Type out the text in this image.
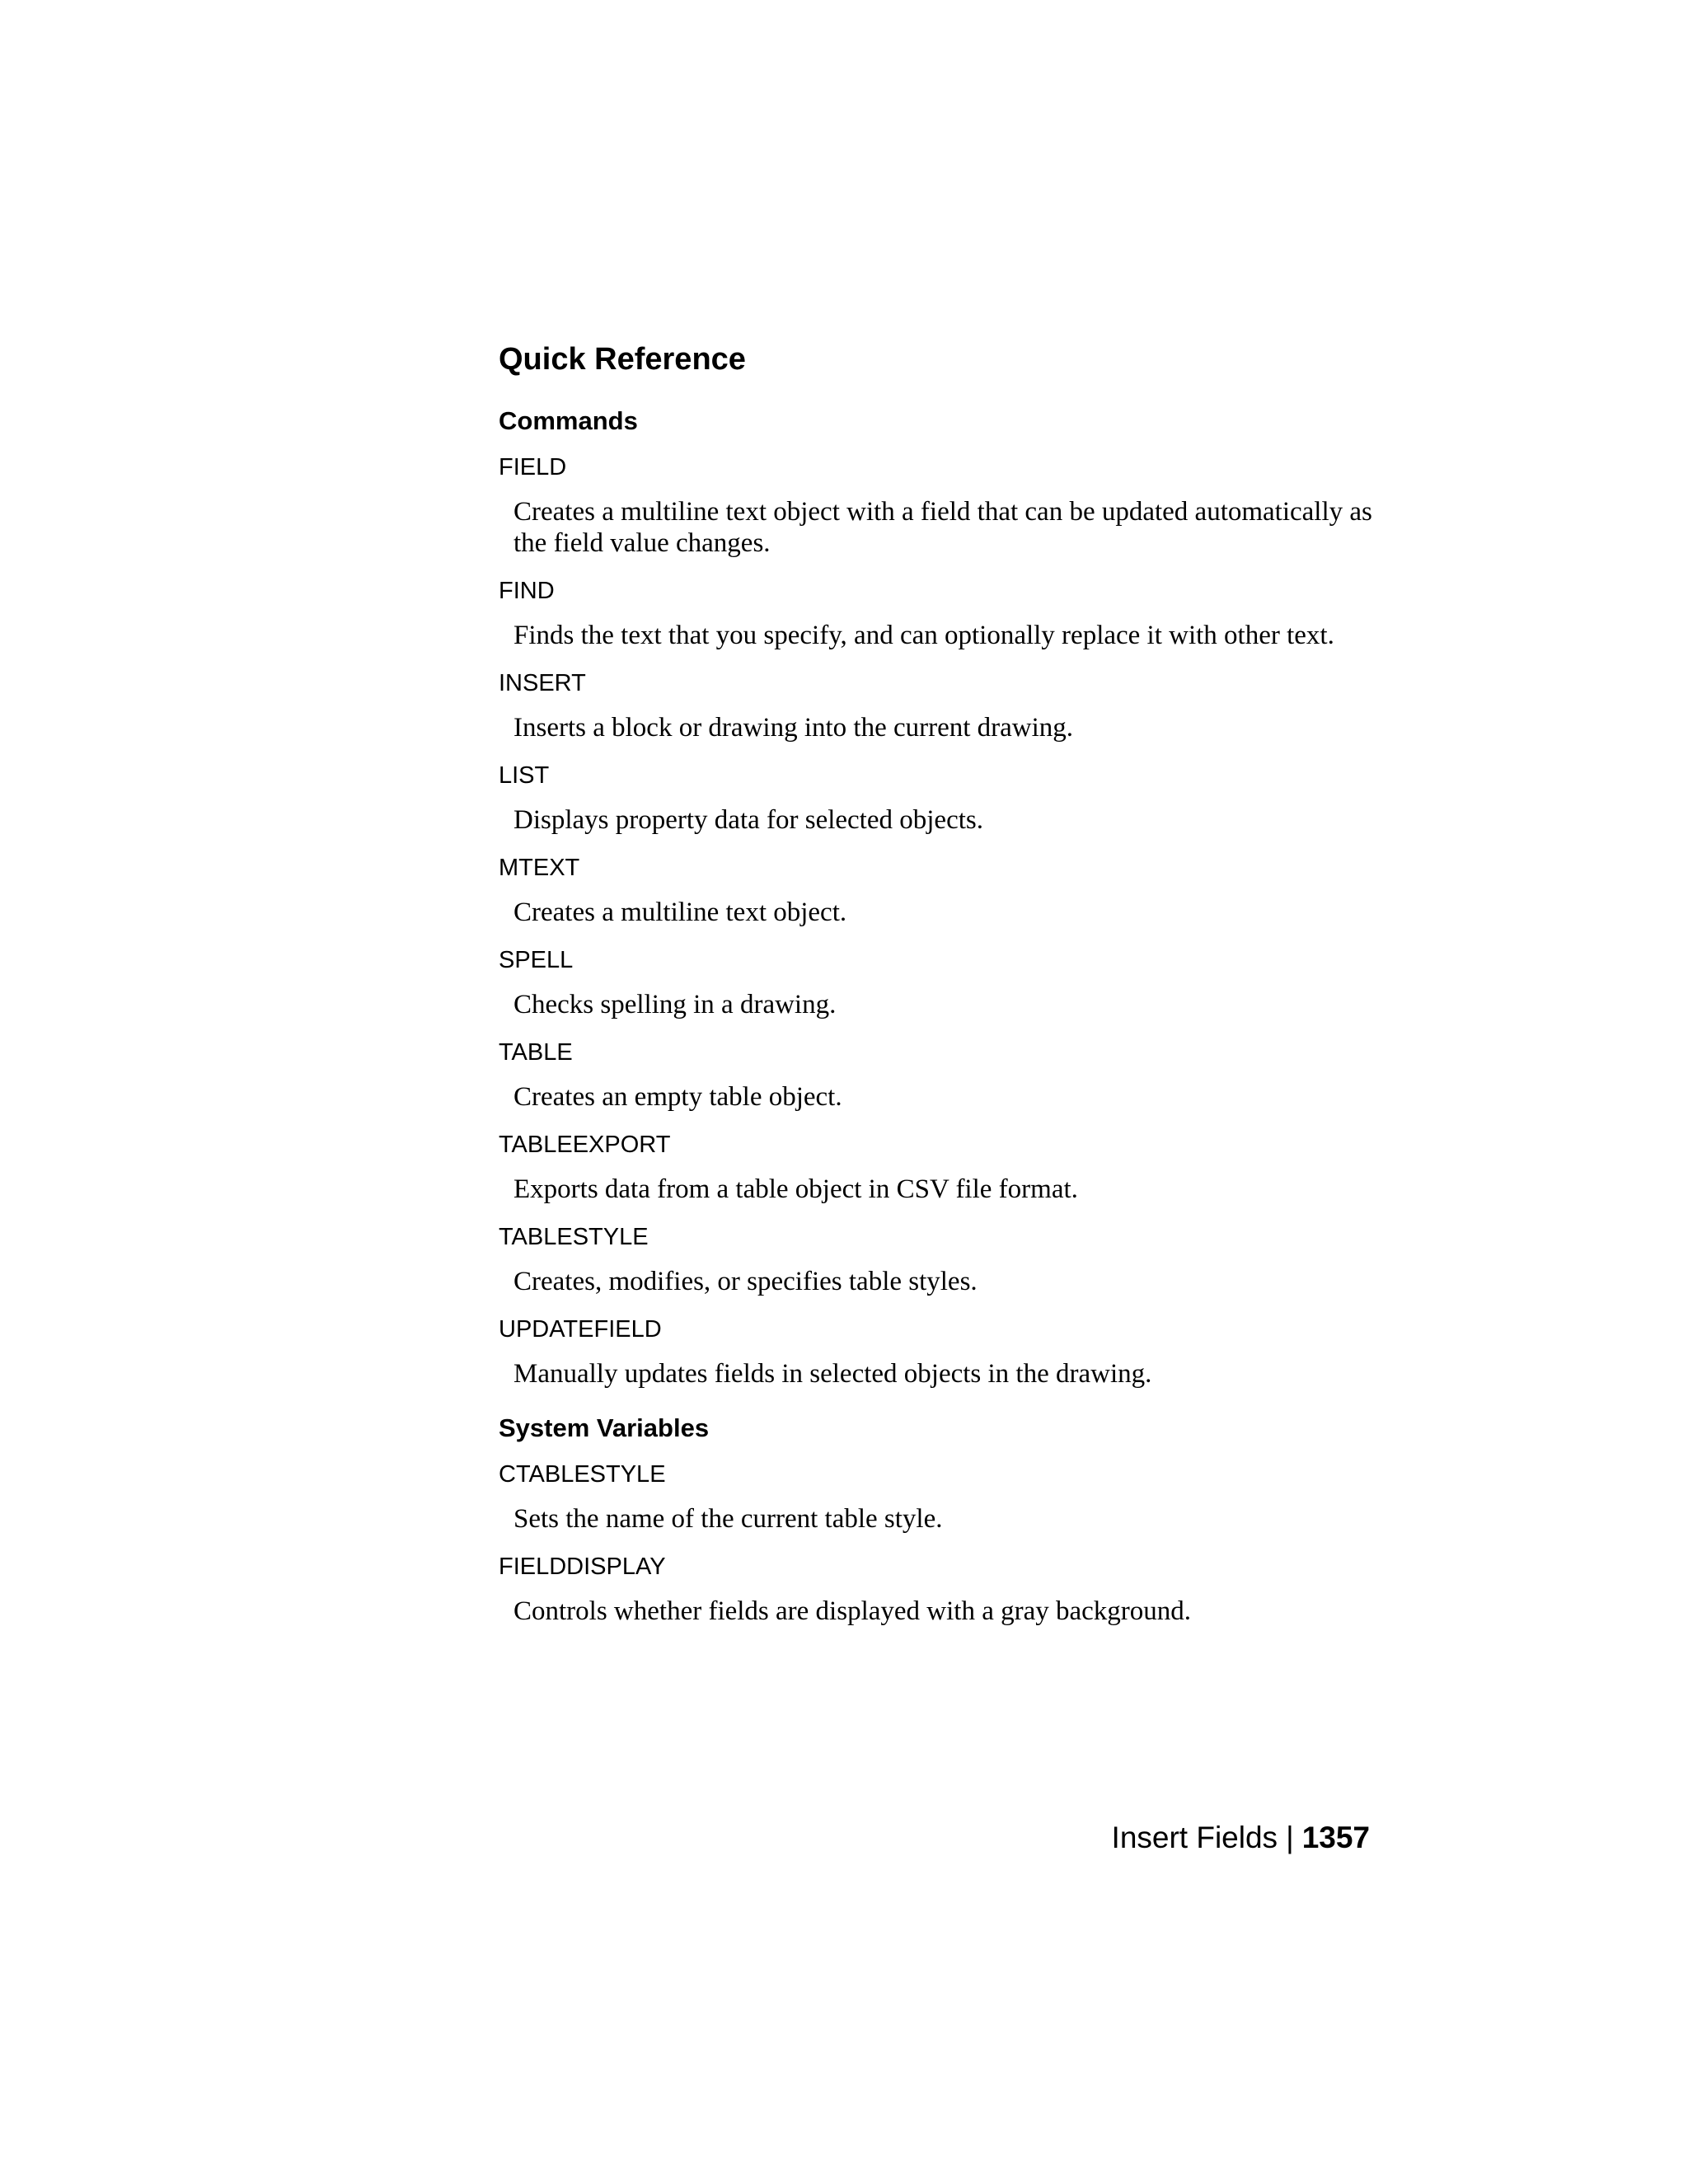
Quick Reference
Commands
FIELD
Creates a multiline text object with a field that can be updated automatically as the field value changes.
FIND
Finds the text that you specify, and can optionally replace it with other text.
INSERT
Inserts a block or drawing into the current drawing.
LIST
Displays property data for selected objects.
MTEXT
Creates a multiline text object.
SPELL
Checks spelling in a drawing.
TABLE
Creates an empty table object.
TABLEEXPORT
Exports data from a table object in CSV file format.
TABLESTYLE
Creates, modifies, or specifies table styles.
UPDATEFIELD
Manually updates fields in selected objects in the drawing.
System Variables
CTABLESTYLE
Sets the name of the current table style.
FIELDDISPLAY
Controls whether fields are displayed with a gray background.
Insert Fields | 1357
